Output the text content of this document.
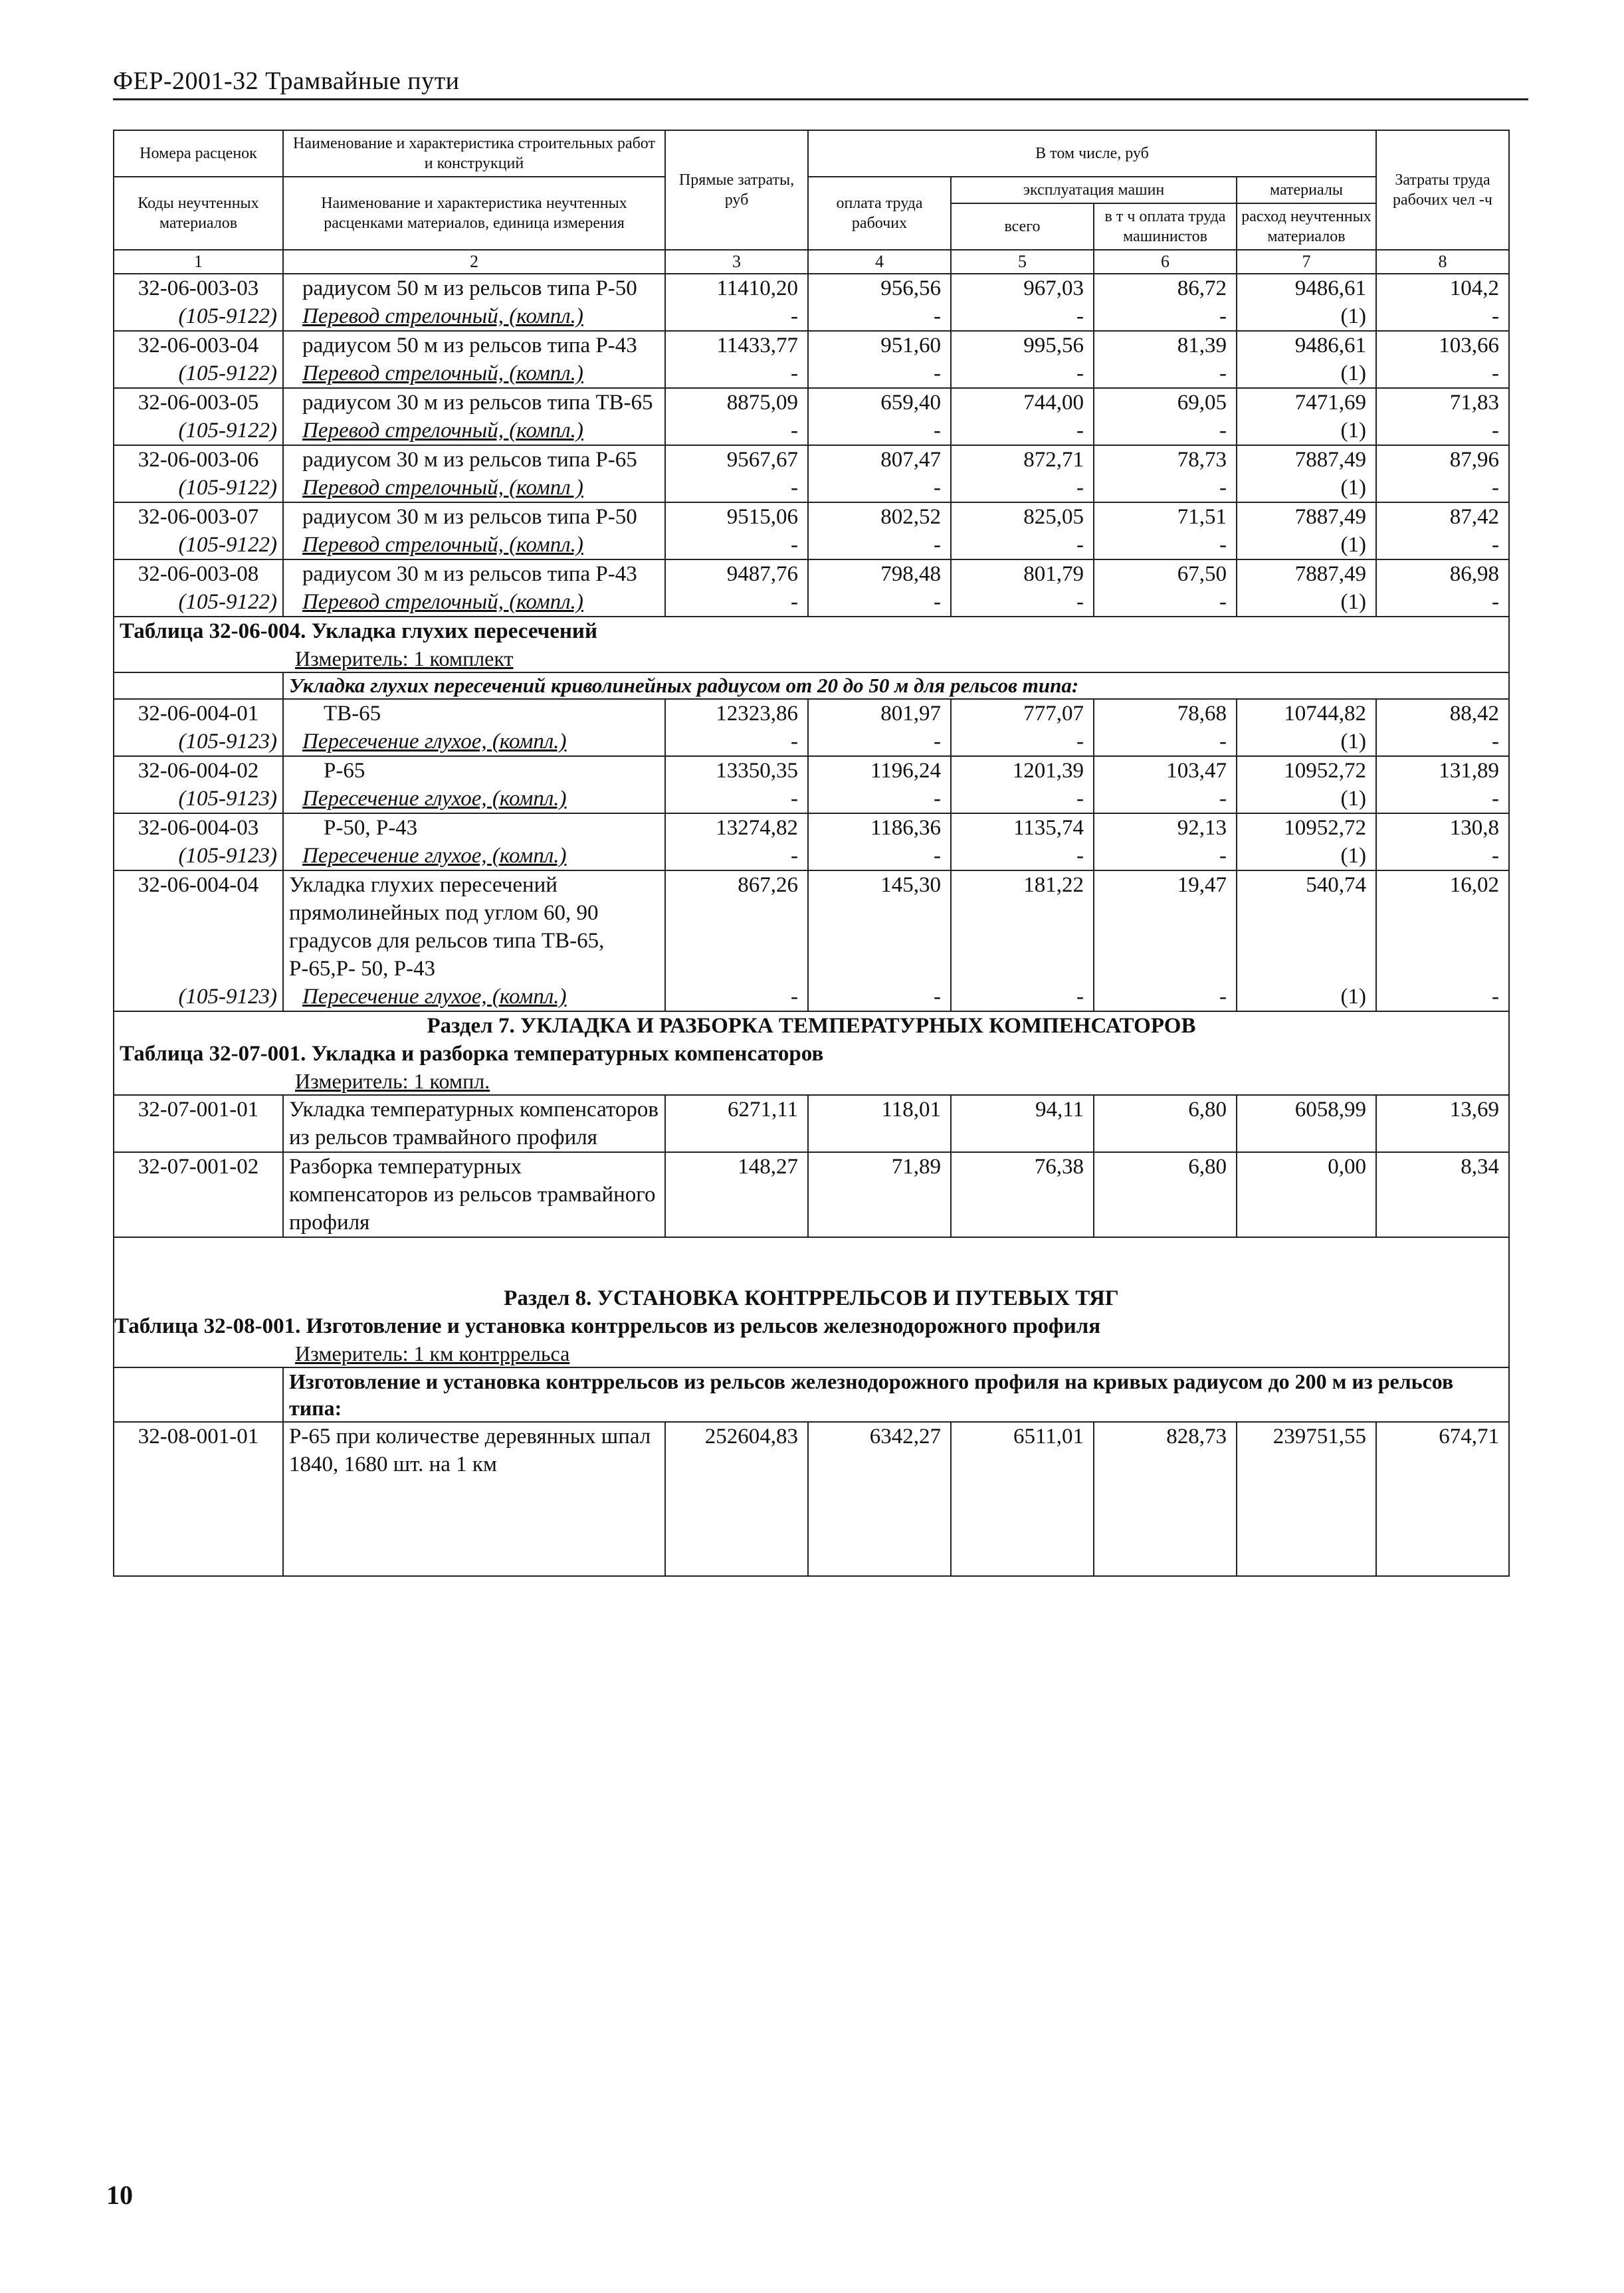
ФЕР-2001-32 Трамвайные пути
Номера расценок	Наименование и характеристика строительных работ и конструкций	Прямые затраты, руб	В том числе, руб				Затраты труда рабочих чел -ч
Коды неучтенных материалов	Наименование и характеристика неучтенных расценками материалов, единица измерения		оплата труда рабочих	эксплуатация машин		материалы	
				всего	в т ч оплата труда машинистов	расход неучтенных материалов	
1	2	3	4	5	6	7	8
32-06-003-03	радиусом 50 м из рельсов типа Р-50	11410,20	956,56	967,03	86,72	9486,61	104,2
(105-9122)	Перевод стрелочный, (компл.)	-	-	-	-	(1)	-
32-06-003-04	радиусом 50 м из рельсов типа Р-43	11433,77	951,60	995,56	81,39	9486,61	103,66
(105-9122)	Перевод стрелочный, (компл.)	-	-	-	-	(1)	-
32-06-003-05	радиусом 30 м из рельсов типа ТВ-65	8875,09	659,40	744,00	69,05	7471,69	71,83
(105-9122)	Перевод стрелочный, (компл.)	-	-	-	-	(1)	-
32-06-003-06	радиусом 30 м из рельсов типа Р-65	9567,67	807,47	872,71	78,73	7887,49	87,96
(105-9122)	Перевод стрелочный, (компл )	-	-	-	-	(1)	-
32-06-003-07	радиусом 30 м из рельсов типа Р-50	9515,06	802,52	825,05	71,51	7887,49	87,42
(105-9122)	Перевод стрелочный, (компл.)	-	-	-	-	(1)	-
32-06-003-08	радиусом 30 м из рельсов типа Р-43	9487,76	798,48	801,79	67,50	7887,49	86,98
(105-9122)	Перевод стрелочный, (компл.)	-	-	-	-	(1)	-
Таблица 32-06-004. Укладка глухих пересечений							
Измеритель: 1 комплект							
	Укладка глухих пересечений криволинейных радиусом от 20 до 50 м для рельсов типа:						
32-06-004-01	ТВ-65	12323,86	801,97	777,07	78,68	10744,82	88,42
(105-9123)	Пересечение глухое, (компл.)	-	-	-	-	(1)	-
32-06-004-02	Р-65	13350,35	1196,24	1201,39	103,47	10952,72	131,89
(105-9123)	Пересечение глухое, (компл.)	-	-	-	-	(1)	-
32-06-004-03	Р-50, Р-43	13274,82	1186,36	1135,74	92,13	10952,72	130,8
(105-9123)	Пересечение глухое, (компл.)	-	-	-	-	(1)	-
32-06-004-04	Укладка глухих пересечений прямолинейных под углом 60, 90 градусов для рельсов типа ТВ-65, Р-65,Р- 50, Р-43	867,26	145,30	181,22	19,47	540,74	16,02
(105-9123)	Пересечение глухое, (компл.)	-	-	-	-	(1)	-
Раздел 7. УКЛАДКА И РАЗБОРКА ТЕМПЕРАТУРНЫХ КОМПЕНСАТОРОВ							
Таблица 32-07-001. Укладка и разборка температурных компенсаторов							
Измеритель: 1 компл.							
32-07-001-01	Укладка температурных компенсаторов из рельсов трамвайного профиля	6271,11	118,01	94,11	6,80	6058,99	13,69
32-07-001-02	Разборка температурных компенсаторов из рельсов трамвайного профиля	148,27	71,89	76,38	6,80	0,00	8,34
Раздел 8. УСТАНОВКА КОНТРРЕЛЬСОВ И ПУТЕВЫХ ТЯГ							
Таблица 32-08-001. Изготовление и установка контррельсов из рельсов железнодорожного профиля							
Измеритель: 1 км контррельса							
	Изготовление и установка контррельсов из рельсов железнодорожного профиля на кривых радиусом до 200 м из рельсов типа:						
32-08-001-01	Р-65 при количестве деревянных шпал 1840, 1680 шт. на 1 км	252604,83	6342,27	6511,01	828,73	239751,55	674,71
10
